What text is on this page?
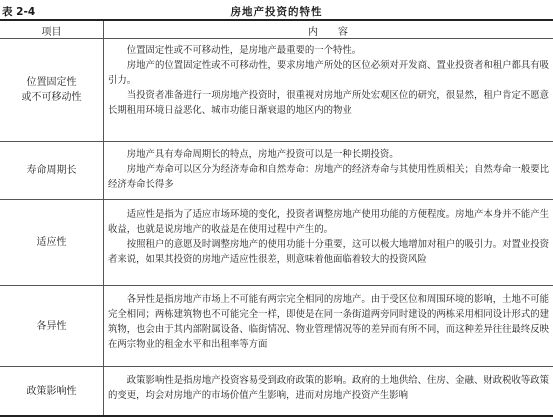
表 2-4	房地产投资的特性
项目	内　　容
位置固定性
或不可移动性

位置固定性或不可移动性，是房地产最重要的一个特性。

房地产的位置固定性或不可移动性，要求房地产所处的区位必须对开发商、置业投资者和租户都具有吸引力。

当投资者准备进行一项房地产投资时，很重视对房地产所处宏观区位的研究，很显然，租户肯定不愿意长期租用环境日益恶化、城市功能日渐衰退的地区内的物业

寿命周期长

房地产具有寿命周期长的特点，房地产投资可以是一种长期投资。

房地产寿命可以区分为经济寿命和自然寿命：房地产的经济寿命与其使用性质相关；自然寿命一般要比经济寿命长得多

适应性

适应性是指为了适应市场环境的变化，投资者调整房地产使用功能的方便程度。房地产本身并不能产生收益，也就是说房地产的收益是在使用过程中产生的。

按照租户的意愿及时调整房地产的使用功能十分重要，这可以极大地增加对租户的吸引力。对置业投资者来说，如果其投资的房地产适应性很差，则意味着他面临着较大的投资风险

各异性

各异性是指房地产市场上不可能有两宗完全相同的房地产。由于受区位和周围环境的影响，土地不可能完全相同；两栋建筑物也不可能完全一样，即使是在同一条街道两旁同时建设的两栋采用相同设计形式的建筑物，也会由于其内部附属设备、临街情况、物业管理情况等的差异而有所不同，而这种差异往往最终反映在两宗物业的租金水平和出租率等方面

政策影响性

政策影响性是指房地产投资容易受到政府政策的影响。政府的土地供给、住房、金融、财政税收等政策的变更，均会对房地产的市场价值产生影响，进而对房地产投资产生影响
